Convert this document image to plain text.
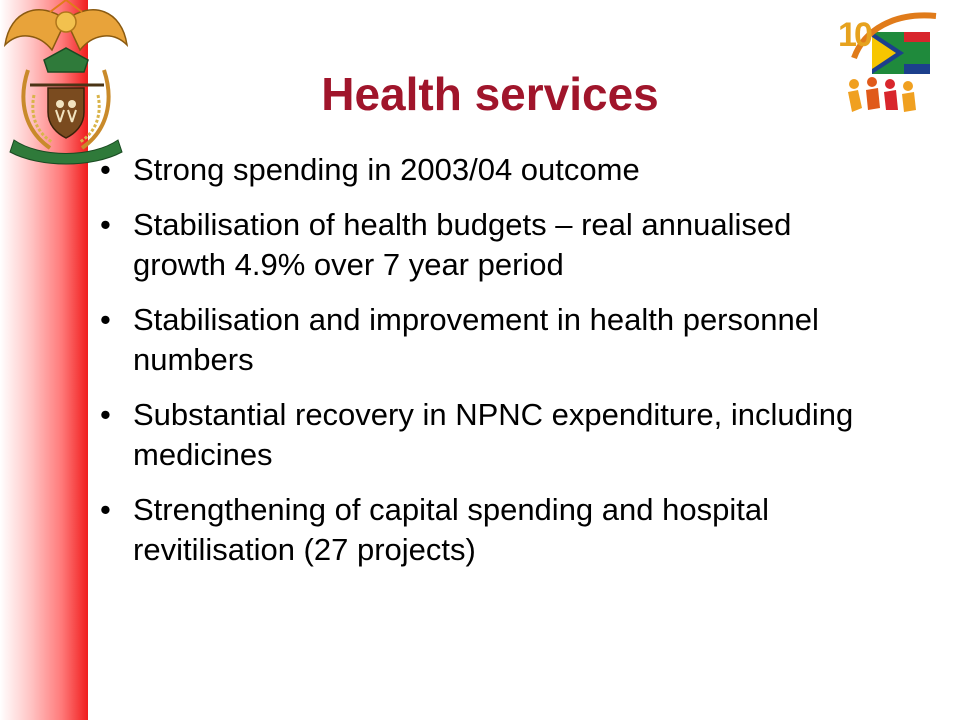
1
0
Health services
• Strong spending in 2003/04 outcome
• Stabilisation of health budgets – real annualised growth 4.9% over 7 year period
• Stabilisation and improvement in health personnel numbers
• Substantial recovery in NPNC expenditure, including medicines
• Strengthening of capital spending and hospital revitilisation (27 projects)
